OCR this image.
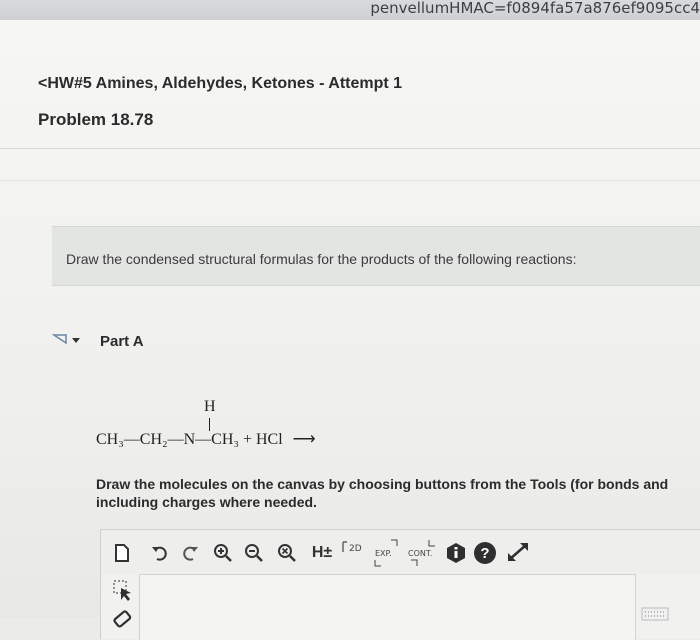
penvellumHMAC=f0894fa57a876ef9095cc4
<HW#5 Amines, Aldehydes, Ketones - Attempt 1
Problem 18.78
Draw the condensed structural formulas for the products of the following reactions:
Part A
H
CH₃—CH₂—N—CH₃ + HCl ⟶
Draw the molecules on the canvas by choosing buttons from the Tools (for bonds and including charges where needed.
H±	2D EXP. CONT.	?
